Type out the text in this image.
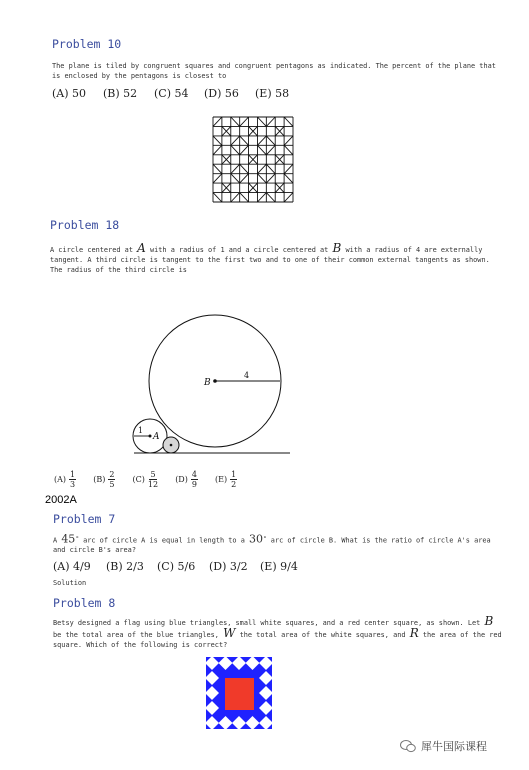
Problem 10
The plane is tiled by congruent squares and congruent pentagons as indicated. The percent of the plane that
is enclosed by the pentagons is closest to
(A) 50 (B) 52 (C) 54 (D) 56 (E) 58
Problem 18
A circle centered at A with a radius of 1 and a circle centered at B with a radius of 4 are externally
tangent. A third circle is tangent to the first two and to one of their common external tangents as shown.
The radius of the third circle is
B
4
1
A
$(A) \frac{1}{3}$
$(B) \frac{2}{5}$
$(C) \frac{5}{12}$
$(D) \frac{4}{9}$
$(E) \frac{1}{2}$
2002A
Problem 7
A 45∘ arc of circle A is equal in length to a 30∘ arc of circle B. What is the ratio of circle A's area
and circle B's area?
(A) 4/9 (B) 2/3 (C) 5/6 (D) 3/2 (E) 9/4
Solution
Problem 8
Betsy designed a flag using blue triangles, small white squares, and a red center square, as shown. Let B
be the total area of the blue triangles, W the total area of the white squares, and R the area of the red
square. Which of the following is correct?
犀牛国际课程
